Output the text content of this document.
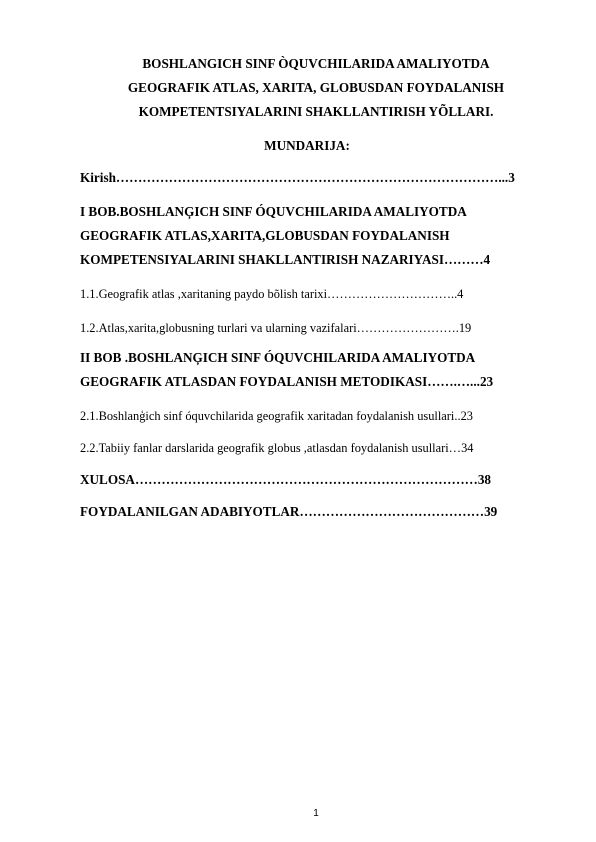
BOSHLANGICH SINF ÒQUVCHILARIDA AMALIYOTDA
GEOGRAFIK ATLAS, XARITA, GLOBUSDAN FOYDALANISH
KOMPETENTSIYALARINI SHAKLLANTIRISH YÕLLARI.
MUNDARIJA:
Kirish……………………………………………………………………………...3
I BOB.BOSHLANĢICH SINF ÓQUVCHILARIDA AMALIYOTDA
GEOGRAFIK ATLAS,XARITA,GLOBUSDAN FOYDALANISH
KOMPETENSIYALARINI SHAKLLANTIRISH NAZARIYASI………4
1.1.Geografik atlas ,xaritaning paydo bõlish tarixi…………………………..4
1.2.Atlas,xarita,globusning turlari va ularning vazifalari…………………….19
II BOB .BOSHLANĢICH SINF ÓQUVCHILARIDA AMALIYOTDA
GEOGRAFIK ATLASDAN FOYDALANISH METODIKASI…….…...23
2.1.Boshlanģich sinf óquvchilarida geografik xaritadan foydalanish usullari..23
2.2.Tabiiy fanlar darslarida geografik globus ,atlasdan foydalanish usullari…34
XULOSA……………………………………………………………………38
FOYDALANILGAN ADABIYOTLAR……………………………………39
1
